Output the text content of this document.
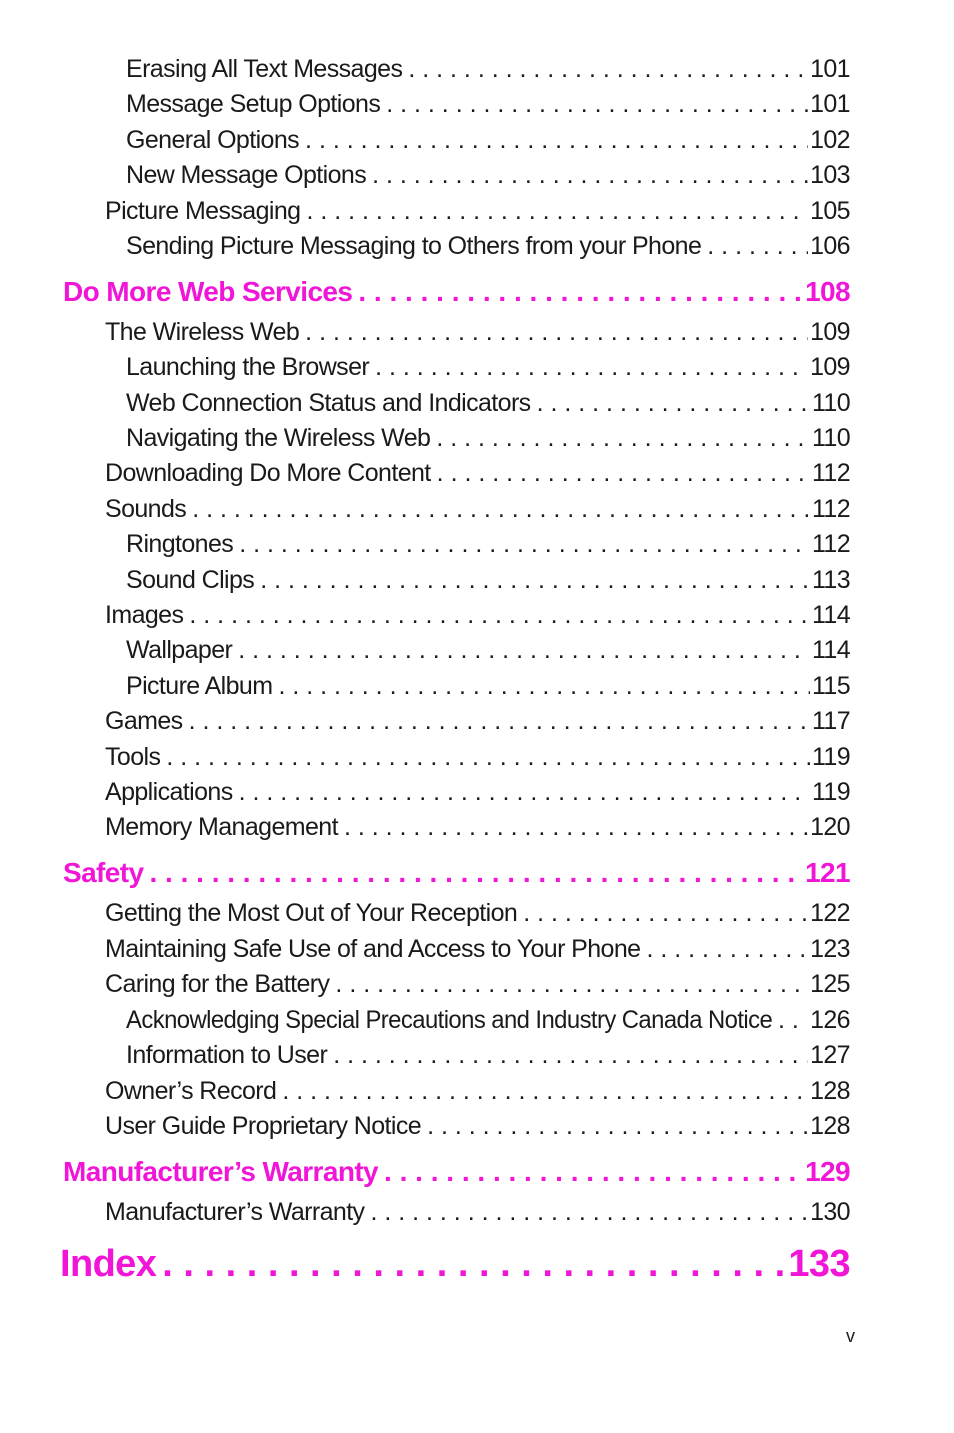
Erasing All Text Messages . . .	101
Message Setup Options . . .	101
General Options . . .	102
New Message Options . . .	103
Picture Messaging . . .	105
Sending Picture Messaging to Others from your Phone . . .	106
Do More Web Services . . .	108
The Wireless Web . . .	109
Launching the Browser . . .	109
Web Connection Status and Indicators . . .	110
Navigating the Wireless Web . . .	110
Downloading Do More Content . . .	112
Sounds . . .	112
Ringtones . . .	112
Sound Clips . . .	113
Images . . .	114
Wallpaper . . .	114
Picture Album . . .	115
Games . . .	117
Tools . . .	119
Applications . . .	119
Memory Management . . .	120
Safety . . .	121
Getting the Most Out of Your Reception . . .	122
Maintaining Safe Use of and Access to Your Phone . . .	123
Caring for the Battery . . .	125
Acknowledging Special Precautions and Industry Canada Notice . . . 126
Information to User . . .	127
Owner’s Record . . .	128
User Guide Proprietary Notice . . .	128
Manufacturer’s Warranty . . .	129
Manufacturer’s Warranty . . .	130
Index . . .	133
v
